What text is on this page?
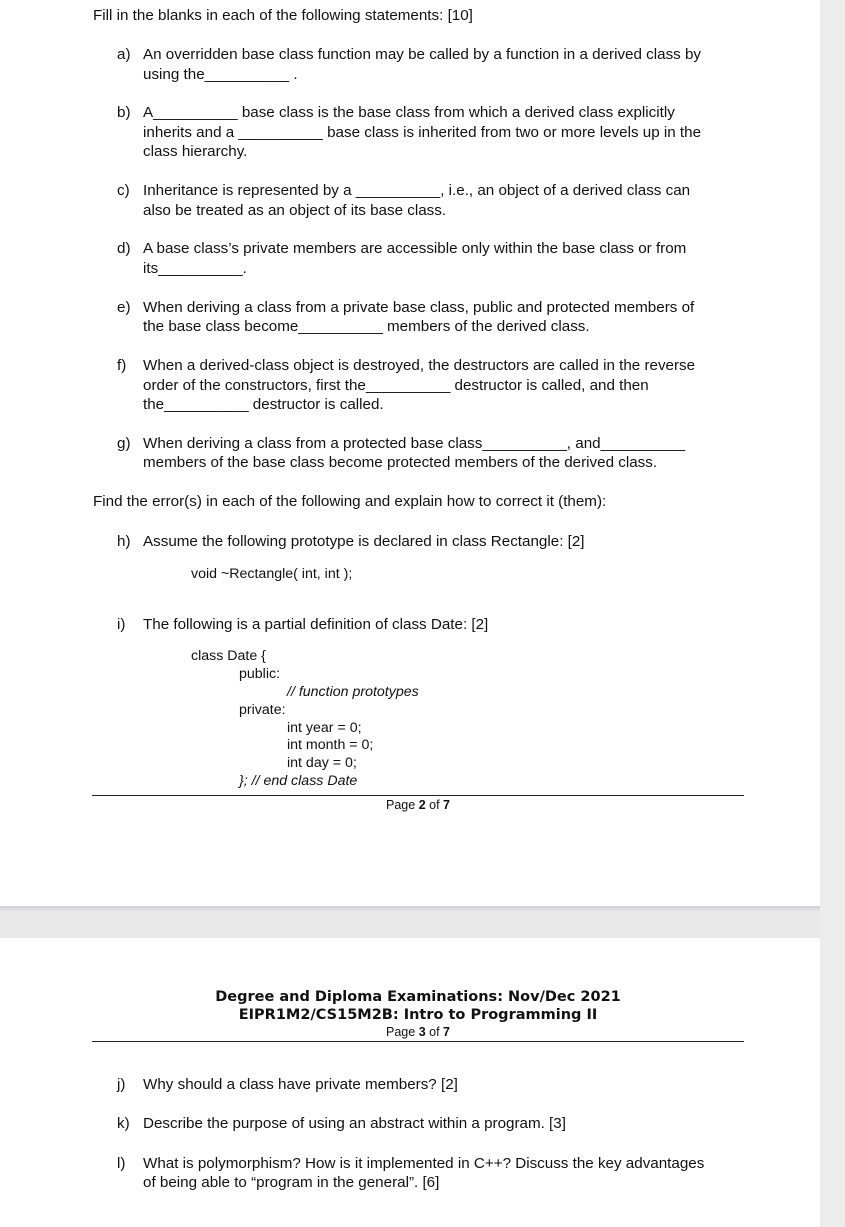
Fill in the blanks in each of the following statements: [10]
a) An overridden base class function may be called by a function in a derived class by
using the__________ .
b) A__________ base class is the base class from which a derived class explicitly
inherits and a __________ base class is inherited from two or more levels up in the
class hierarchy.
c) Inheritance is represented by a __________, i.e., an object of a derived class can
also be treated as an object of its base class.
d) A base class’s private members are accessible only within the base class or from
its__________.
e) When deriving a class from a private base class, public and protected members of
the base class become__________ members of the derived class.
f) When a derived-class object is destroyed, the destructors are called in the reverse
order of the constructors, first the__________ destructor is called, and then
the__________ destructor is called.
g) When deriving a class from a protected base class__________, and__________
members of the base class become protected members of the derived class.
Find the error(s) in each of the following and explain how to correct it (them):
h) Assume the following prototype is declared in class Rectangle: [2]
void ~Rectangle( int, int );
i) The following is a partial definition of class Date: [2]
class Date {
public:
// function prototypes
private:
int year = 0;
int month = 0;
int day = 0;
}; // end class Date
Page 2 of 7
Degree and Diploma Examinations: Nov/Dec 2021
EIPR1M2/CS15M2B: Intro to Programming II
Page 3 of 7
j) Why should a class have private members? [2]
k) Describe the purpose of using an abstract within a program. [3]
l) What is polymorphism? How is it implemented in C++? Discuss the key advantages
of being able to “program in the general”. [6]
